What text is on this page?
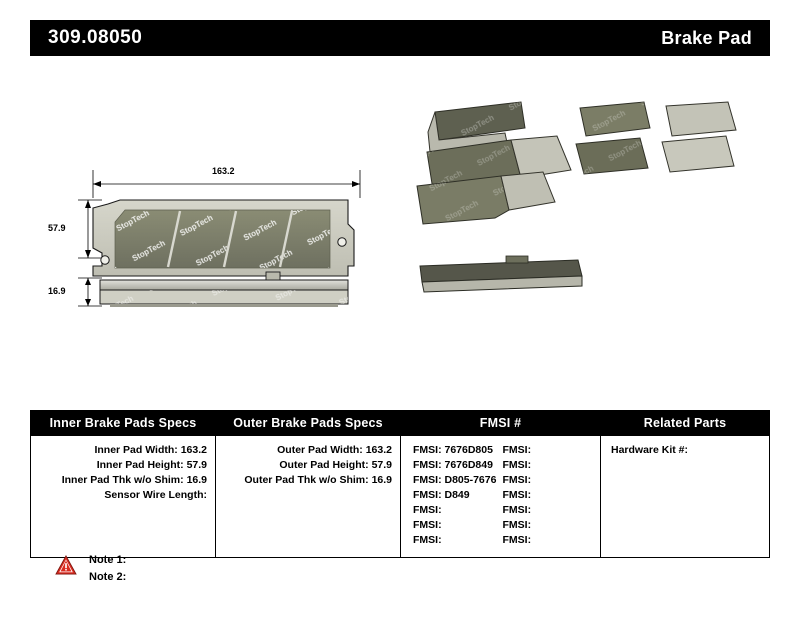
309.08050	Brake Pad
163.2
57.9
16.9
Inner Brake Pads Specs
Inner Pad Width: 163.2
Inner Pad Height: 57.9
Inner Pad Thk w/o Shim: 16.9
Sensor Wire Length:
Outer Brake Pads Specs
Outer Pad Width: 163.2
Outer Pad Height: 57.9
Outer Pad Thk w/o Shim: 16.9
FMSI #
FMSI: 7676D805
FMSI: 7676D849
FMSI: D805-7676
FMSI: D849
FMSI:
FMSI:
FMSI:
FMSI:
FMSI:
FMSI:
FMSI:
FMSI:
FMSI:
FMSI:
Related Parts
Hardware Kit #:
Note 1:
Note 2:
